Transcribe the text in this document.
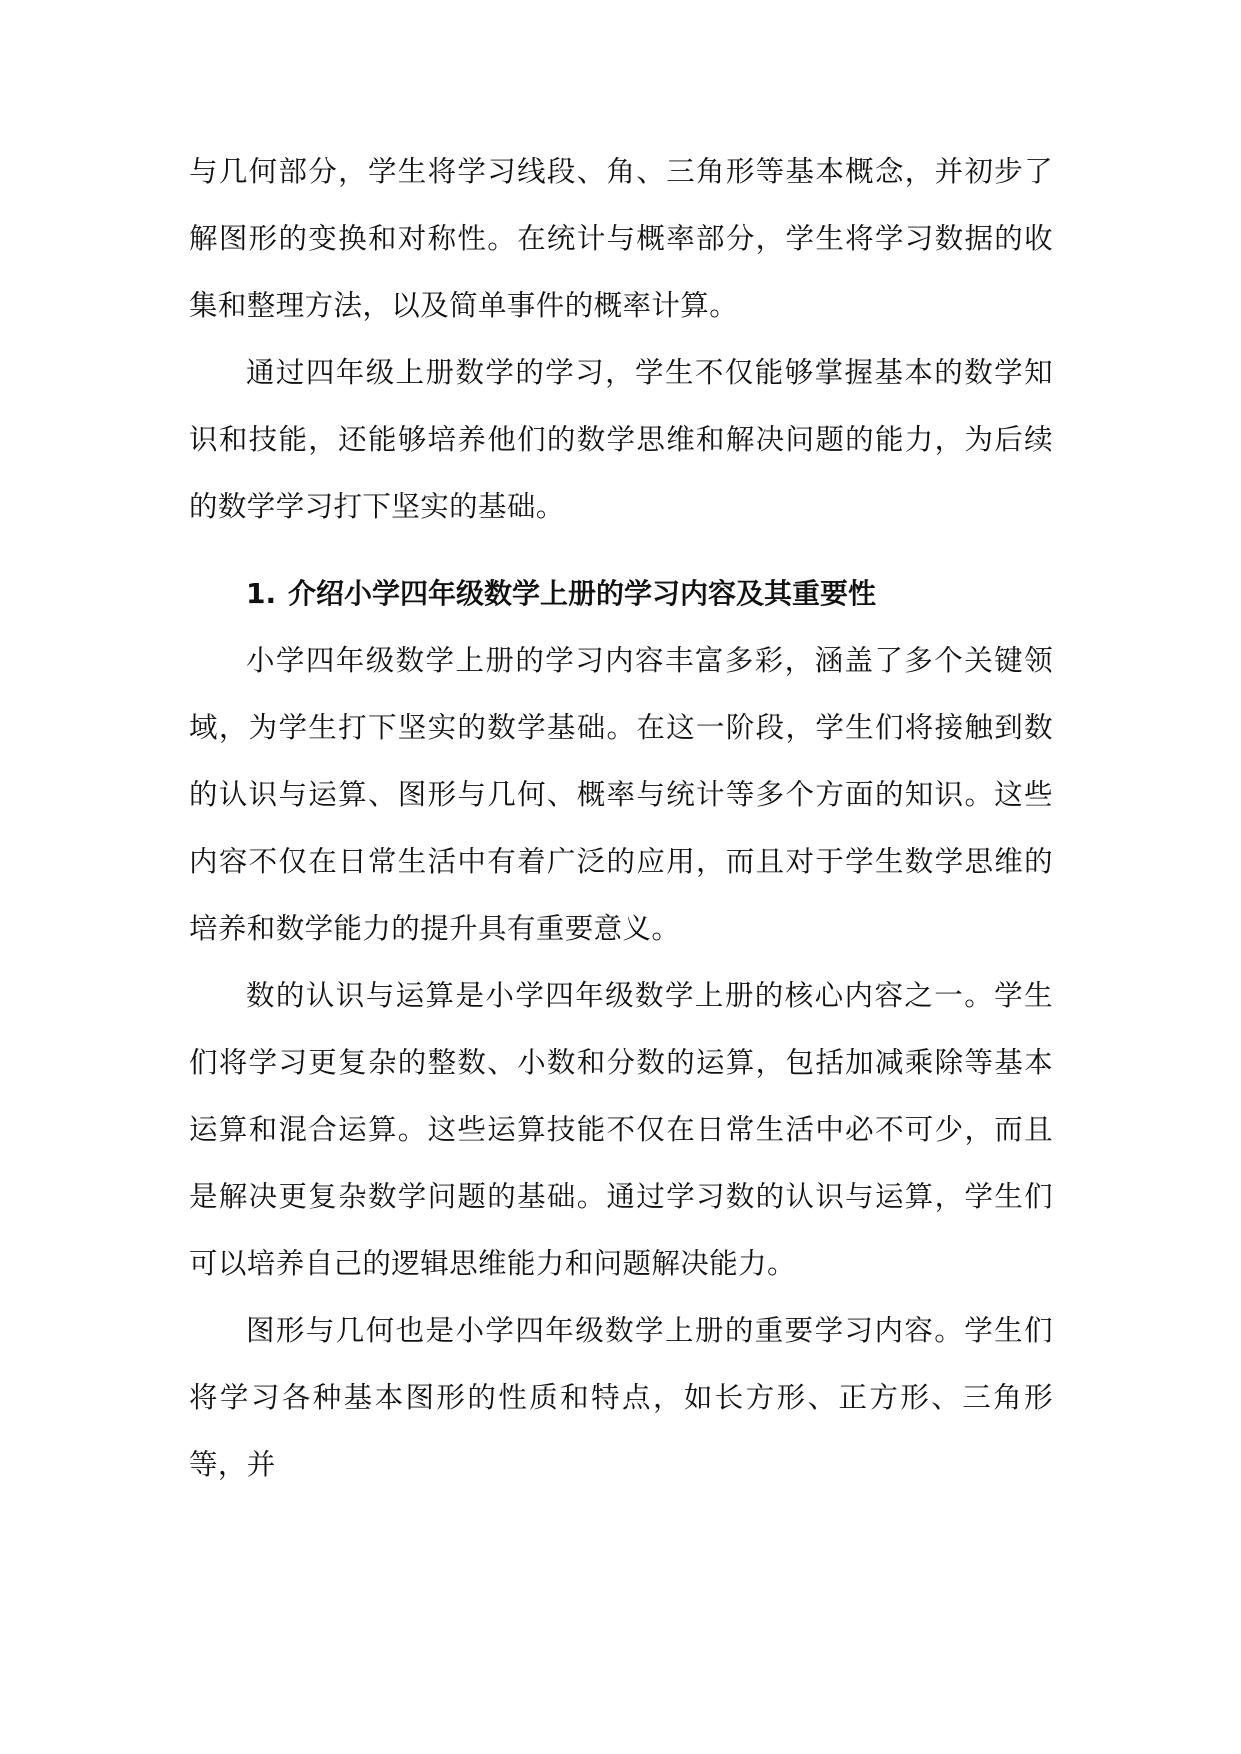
与几何部分，学生将学习线段、角、三角形等基本概念，并初步了解图形的变换和对称性。在统计与概率部分，学生将学习数据的收集和整理方法，以及简单事件的概率计算。

通过四年级上册数学的学习，学生不仅能够掌握基本的数学知识和技能，还能够培养他们的数学思维和解决问题的能力，为后续的数学学习打下坚实的基础。

1. 介绍小学四年级数学上册的学习内容及其重要性

小学四年级数学上册的学习内容丰富多彩，涵盖了多个关键领域，为学生打下坚实的数学基础。在这一阶段，学生们将接触到数的认识与运算、图形与几何、概率与统计等多个方面的知识。这些内容不仅在日常生活中有着广泛的应用，而且对于学生数学思维的培养和数学能力的提升具有重要意义。

数的认识与运算是小学四年级数学上册的核心内容之一。学生们将学习更复杂的整数、小数和分数的运算，包括加减乘除等基本运算和混合运算。这些运算技能不仅在日常生活中必不可少，而且是解决更复杂数学问题的基础。通过学习数的认识与运算，学生们可以培养自己的逻辑思维能力和问题解决能力。

图形与几何也是小学四年级数学上册的重要学习内容。学生们将学习各种基本图形的性质和特点，如长方形、正方形、三角形等，并
